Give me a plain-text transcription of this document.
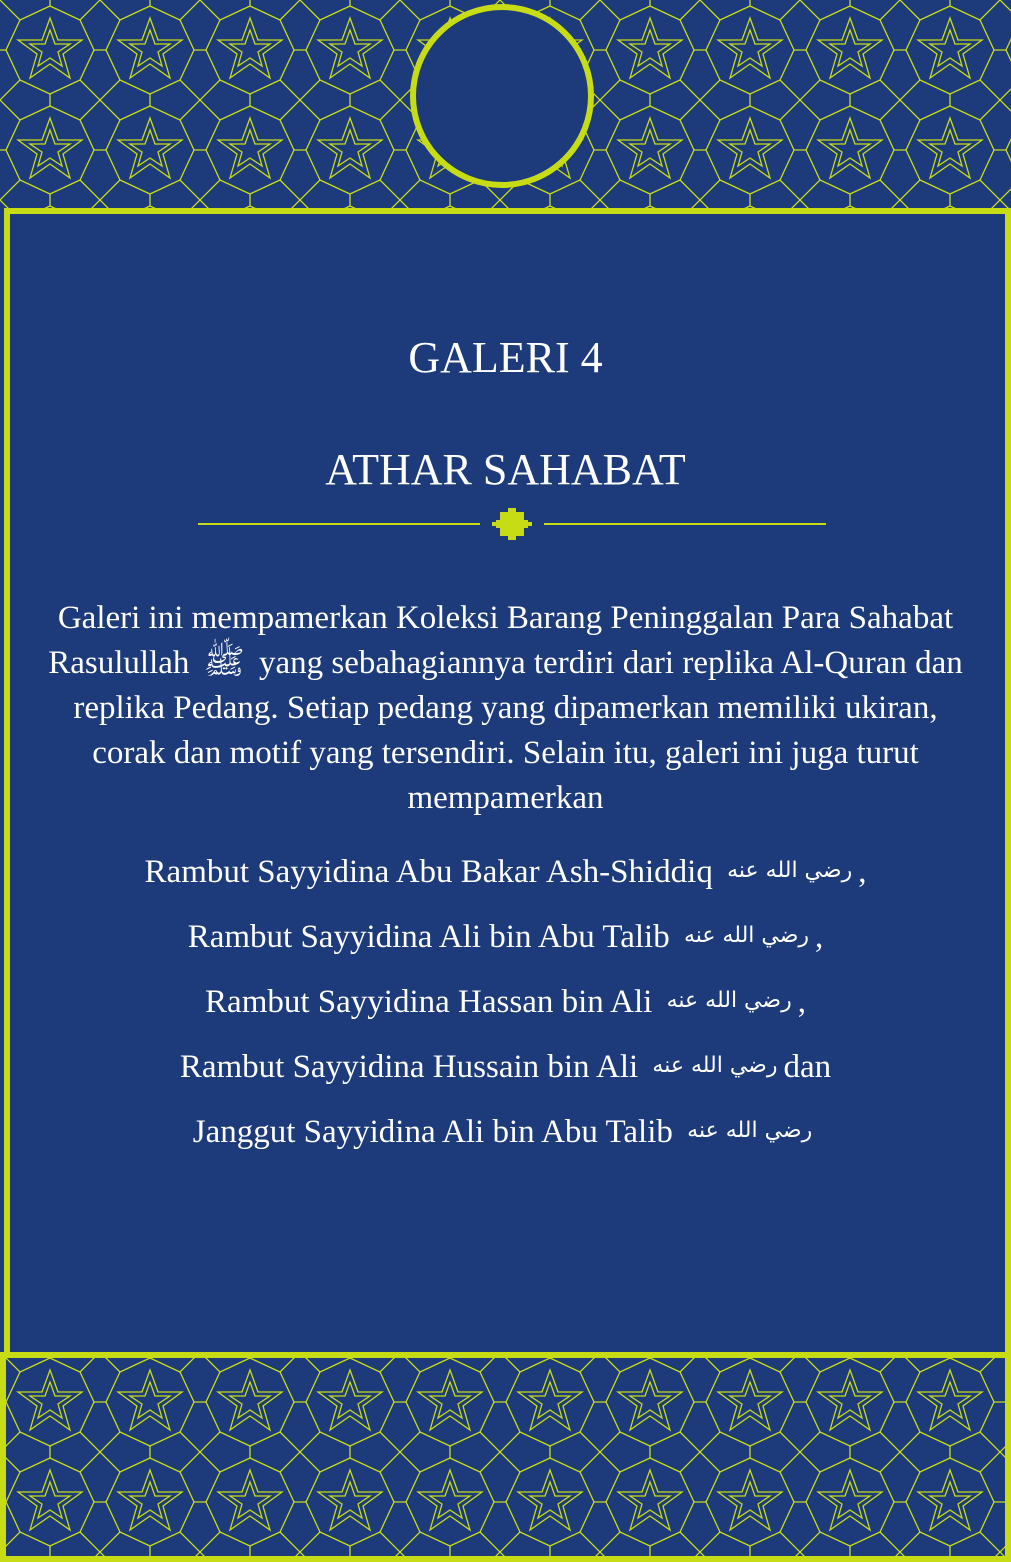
GALERI 4
ATHAR SAHABAT

Galeri ini mempamerkan Koleksi Barang Peninggalan Para Sahabat Rasulullah ﷺ yang sebahagiannya terdiri dari replika Al-Quran dan replika Pedang. Setiap pedang yang dipamerkan memiliki ukiran, corak dan motif yang tersendiri. Selain itu, galeri ini juga turut mempamerkan

Rambut Sayyidina Abu Bakar Ash-Shiddiq رضي الله عنه ,
Rambut Sayyidina Ali bin Abu Talib رضي الله عنه ,
Rambut Sayyidina Hassan bin Ali رضي الله عنه ,
Rambut Sayyidina Hussain bin Ali رضي الله عنه dan
Janggut Sayyidina Ali bin Abu Talib رضي الله عنه
